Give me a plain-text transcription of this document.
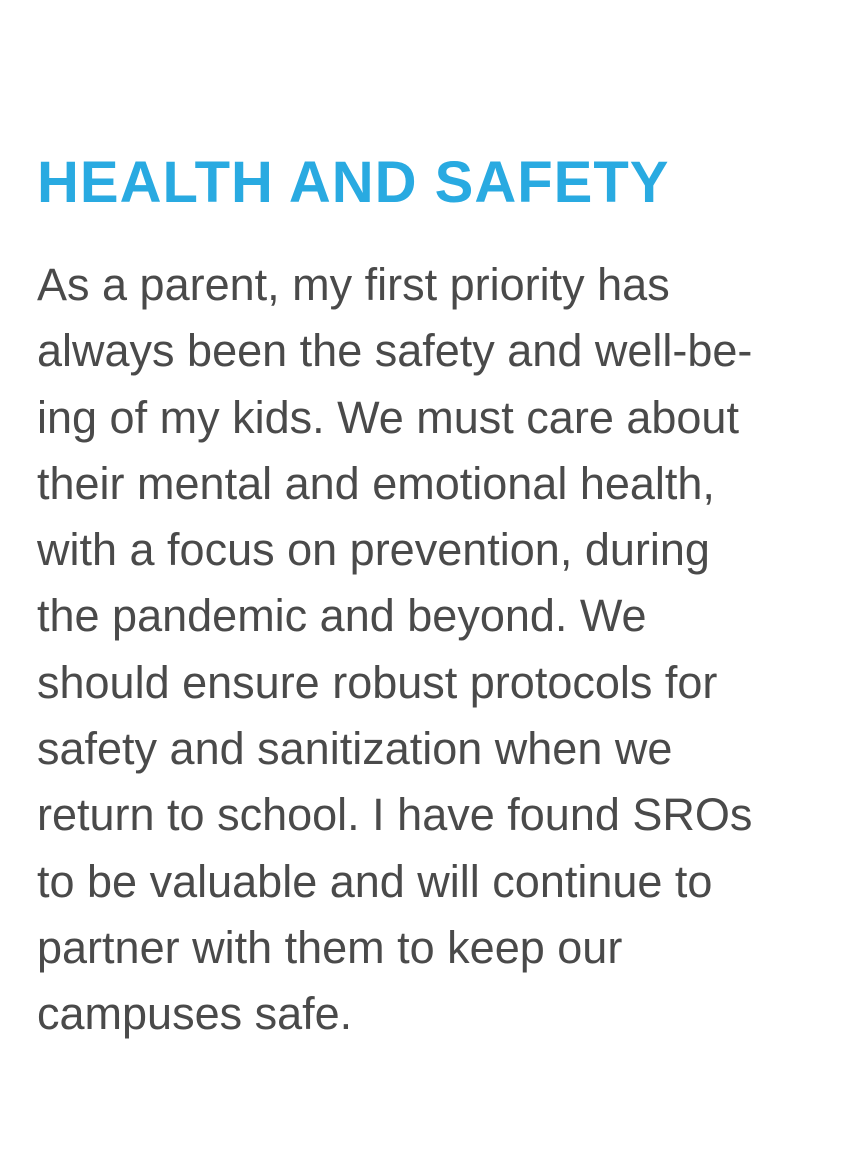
HEALTH AND SAFETY

As a parent, my first priority has
always been the safety and well-be-
ing of my kids. We must care about
their mental and emotional health,
with a focus on prevention, during
the pandemic and beyond. We
should ensure robust protocols for
safety and sanitization when we
return to school. I have found SROs
to be valuable and will continue to
partner with them to keep our
campuses safe.
